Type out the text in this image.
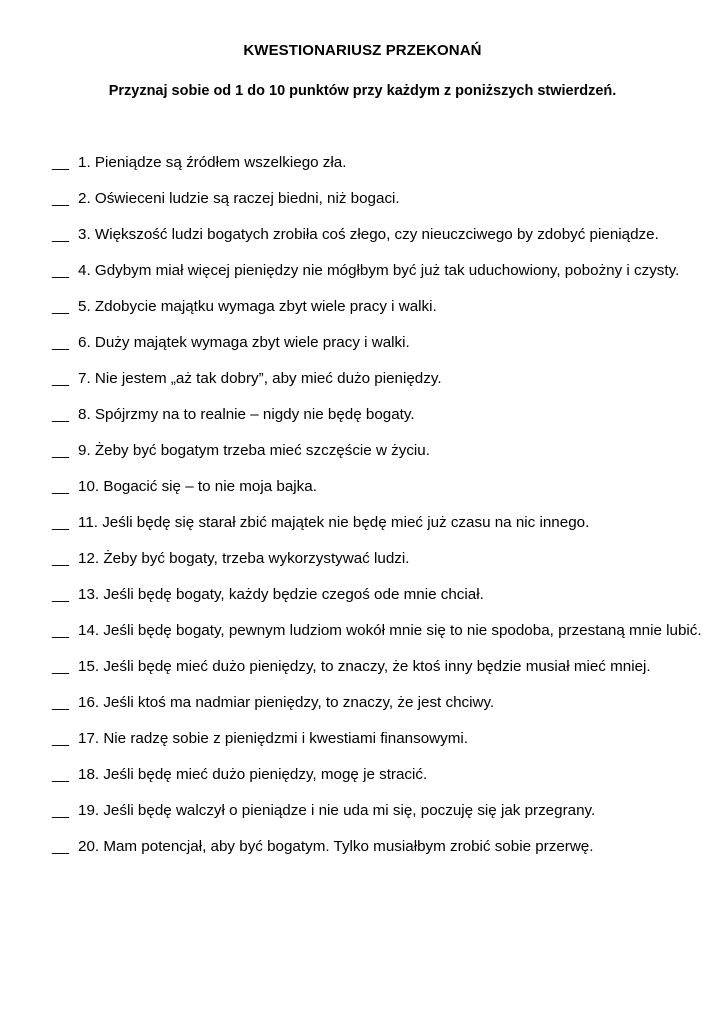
KWESTIONARIUSZ PRZEKONAŃ
Przyznaj sobie od 1 do 10 punktów przy każdym z poniższych stwierdzeń.
__ 1. Pieniądze są źródłem wszelkiego zła.
__ 2. Oświeceni ludzie są raczej biedni, niż bogaci.
__ 3. Większość ludzi bogatych zrobiła coś złego, czy nieuczciwego by zdobyć pieniądze.
__ 4. Gdybym miał więcej pieniędzy nie mógłbym być już tak uduchowiony, pobożny i czysty.
__ 5. Zdobycie majątku wymaga zbyt wiele pracy i walki.
__ 6. Duży majątek wymaga zbyt wiele pracy i walki.
__ 7. Nie jestem „aż tak dobry”, aby mieć dużo pieniędzy.
__ 8. Spójrzmy na to realnie – nigdy nie będę bogaty.
__ 9. Żeby być bogatym trzeba mieć szczęście w życiu.
__ 10. Bogacić się – to nie moja bajka.
__ 11. Jeśli będę się starał zbić majątek nie będę mieć już czasu na nic innego.
__ 12. Żeby być bogaty, trzeba wykorzystywać ludzi.
__ 13. Jeśli będę bogaty, każdy będzie czegoś ode mnie chciał.
__ 14. Jeśli będę bogaty, pewnym ludziom wokół mnie się to nie spodoba, przestaną mnie lubić.
__ 15. Jeśli będę mieć dużo pieniędzy, to znaczy, że ktoś inny będzie musiał mieć mniej.
__ 16. Jeśli ktoś ma nadmiar pieniędzy, to znaczy, że jest chciwy.
__ 17. Nie radzę sobie z pieniędzmi i kwestiami finansowymi.
__ 18. Jeśli będę mieć dużo pieniędzy, mogę je stracić.
__ 19. Jeśli będę walczył o pieniądze i nie uda mi się, poczuję się jak przegrany.
__ 20. Mam potencjał, aby być bogatym. Tylko musiałbym zrobić sobie przerwę.
